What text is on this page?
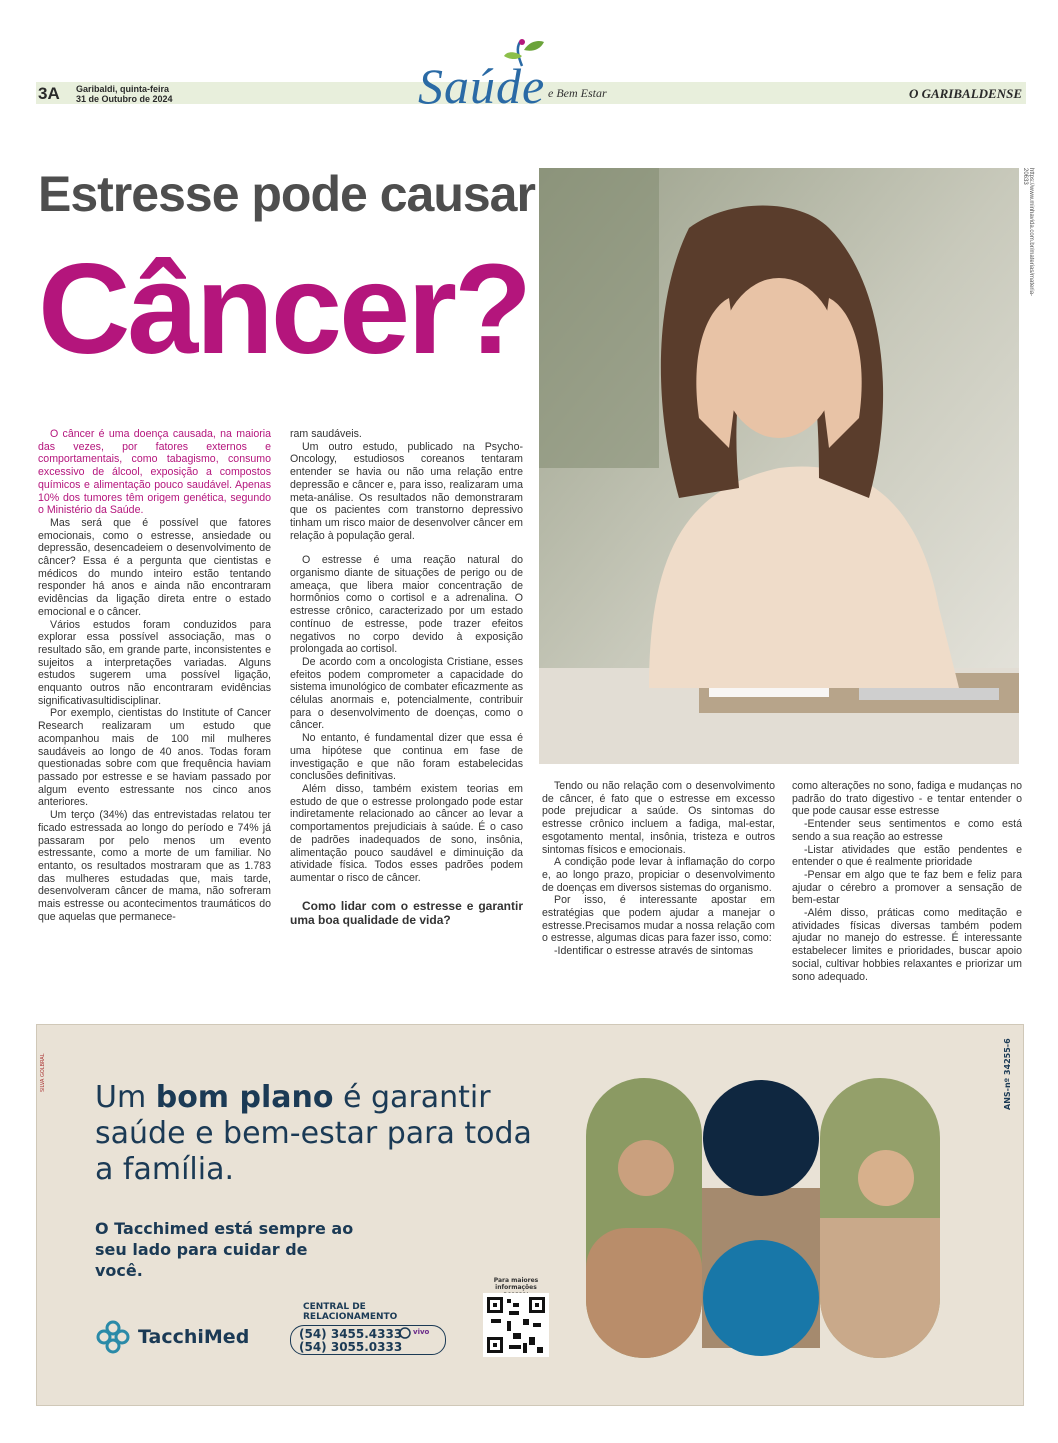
3A Garibaldi, quinta-feira
31 de Outubro de 2024	Saúde e Bem Estar	O GARIBALDENSE
Estresse pode causar
Câncer?
https://www.minhavida.com.br/materias/materia-20633

O câncer é uma doença causada, na maioria das vezes, por fatores externos e comportamentais, como tabagismo, consumo excessivo de álcool, exposição a compostos químicos e alimentação pouco saudável. Apenas 10% dos tumores têm origem genética, segundo o Ministério da Saúde.

Mas será que é possível que fatores emocionais, como o estresse, ansiedade ou depressão, desencadeiem o desenvolvimento de câncer? Essa é a pergunta que cientistas e médicos do mundo inteiro estão tentando responder há anos e ainda não encontraram evidências da ligação direta entre o estado emocional e o câncer.

Vários estudos foram conduzidos para explorar essa possível associação, mas o resultado são, em grande parte, inconsistentes e sujeitos a interpretações variadas. Alguns estudos sugerem uma possível ligação, enquanto outros não encontraram evidências significativasultidisciplinar.

Por exemplo, cientistas do Institute of Cancer Research realizaram um estudo que acompanhou mais de 100 mil mulheres saudáveis ao longo de 40 anos. Todas foram questionadas sobre com que frequência haviam passado por estresse e se haviam passado por algum evento estressante nos cinco anos anteriores.

Um terço (34%) das entrevistadas relatou ter ficado estressada ao longo do período e 74% já passaram por pelo menos um evento estressante, como a morte de um familiar. No entanto, os resultados mostraram que as 1.783 das mulheres estudadas que, mais tarde, desenvolveram câncer de mama, não sofreram mais estresse ou acontecimentos traumáticos do que aquelas que permanece-

ram saudáveis.

Um outro estudo, publicado na Psycho-Oncology, estudiosos coreanos tentaram entender se havia ou não uma relação entre depressão e câncer e, para isso, realizaram uma meta-análise. Os resultados não demonstraram que os pacientes com transtorno depressivo tinham um risco maior de desenvolver câncer em relação à população geral.

O estresse é uma reação natural do organismo diante de situações de perigo ou de ameaça, que libera maior concentração de hormônios como o cortisol e a adrenalina. O estresse crônico, caracterizado por um estado contínuo de estresse, pode trazer efeitos negativos no corpo devido à exposição prolongada ao cortisol.

De acordo com a oncologista Cristiane, esses efeitos podem comprometer a capacidade do sistema imunológico de combater eficazmente as células anormais e, potencialmente, contribuir para o desenvolvimento de doenças, como o câncer.

No entanto, é fundamental dizer que essa é uma hipótese que continua em fase de investigação e que não foram estabelecidas conclusões definitivas.

Além disso, também existem teorias em estudo de que o estresse prolongado pode estar indiretamente relacionado ao câncer ao levar a comportamentos prejudiciais à saúde. É o caso de padrões inadequados de sono, insônia, alimentação pouco saudável e diminuição da atividade física. Todos esses padrões podem aumentar o risco de câncer.

Como lidar com o estresse e garantir uma boa qualidade de vida?

Tendo ou não relação com o desenvolvimento de câncer, é fato que o estresse em excesso pode prejudicar a saúde. Os sintomas do estresse crônico incluem a fadiga, mal-estar, esgotamento mental, insônia, tristeza e outros sintomas físicos e emocionais.

A condição pode levar à inflamação do corpo e, ao longo prazo, propiciar o desenvolvimento de doenças em diversos sistemas do organismo.

Por isso, é interessante apostar em estratégias que podem ajudar a manejar o estresse.Precisamos mudar a nossa relação com o estresse, algumas dicas para fazer isso, como:

-Identificar o estresse através de sintomas

como alterações no sono, fadiga e mudanças no padrão do trato digestivo - e tentar entender o que pode causar esse estresse

-Entender seus sentimentos e como está sendo a sua reação ao estresse

-Listar atividades que estão pendentes e entender o que é realmente prioridade

-Pensar em algo que te faz bem e feliz para ajudar o cérebro a promover a sensação de bem-estar

-Além disso, práticas como meditação e atividades físicas diversas também podem ajudar no manejo do estresse. É interessante estabelecer limites e prioridades, buscar apoio social, cultivar hobbies relaxantes e priorizar um sono adequado.

SILVA GOLBRAL
Um bom plano é garantir saúde e bem-estar para toda a família.
O Tacchimed está sempre ao seu lado para cuidar de você.
TacchiMed
CENTRAL DE RELACIONAMENTO
(54) 3455.4333
(54) 3055.0333
vivo
Para maiores informações
ANS-nº 34255-6
